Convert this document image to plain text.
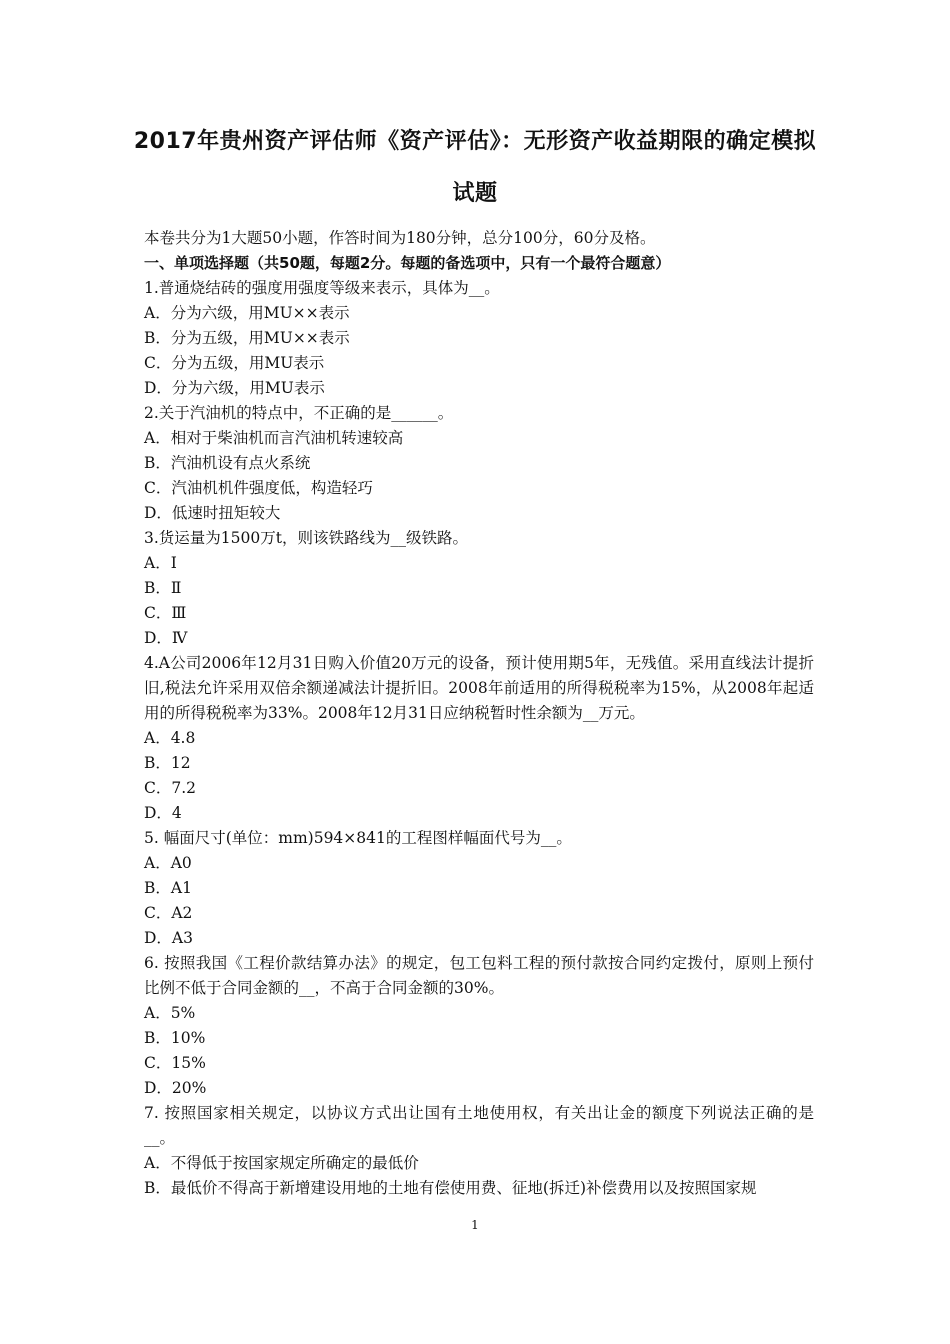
2017年贵州资产评估师《资产评估》：无形资产收益期限的确定模拟
试题
本卷共分为1大题50小题，作答时间为180分钟，总分100分，60分及格。
一、单项选择题（共50题，每题2分。每题的备选项中，只有一个最符合题意）
1.普通烧结砖的强度用强度等级来表示，具体为__。
A．分为六级，用MU××表示
B．分为五级，用MU××表示
C．分为五级，用MU表示
D．分为六级，用MU表示
2.关于汽油机的特点中，不正确的是______。
A．相对于柴油机而言汽油机转速较高
B．汽油机设有点火系统
C．汽油机机件强度低，构造轻巧
D．低速时扭矩较大
3.货运量为1500万t，则该铁路线为__级铁路。
A．Ⅰ
B．Ⅱ
C．Ⅲ
D．Ⅳ
4.A公司2006年12月31日购入价值20万元的设备，预计使用期5年，无残值。采用直线法计提折旧,税法允许采用双倍余额递减法计提折旧。2008年前适用的所得税税率为15%，从2008年起适用的所得税税率为33%。2008年12月31日应纳税暂时性余额为__万元。
A．4.8
B．12
C．7.2
D．4
5. 幅面尺寸(单位：mm)594×841的工程图样幅面代号为__。
A．A0
B．A1
C．A2
D．A3
6. 按照我国《工程价款结算办法》的规定，包工包料工程的预付款按合同约定拨付，原则上预付比例不低于合同金额的__，不高于合同金额的30%。
A．5%
B．10%
C．15%
D．20%
7. 按照国家相关规定，以协议方式出让国有土地使用权，有关出让金的额度下列说法正确的是__。
A．不得低于按国家规定所确定的最低价
B．最低价不得高于新增建设用地的土地有偿使用费、征地(拆迁)补偿费用以及按照国家规
1
